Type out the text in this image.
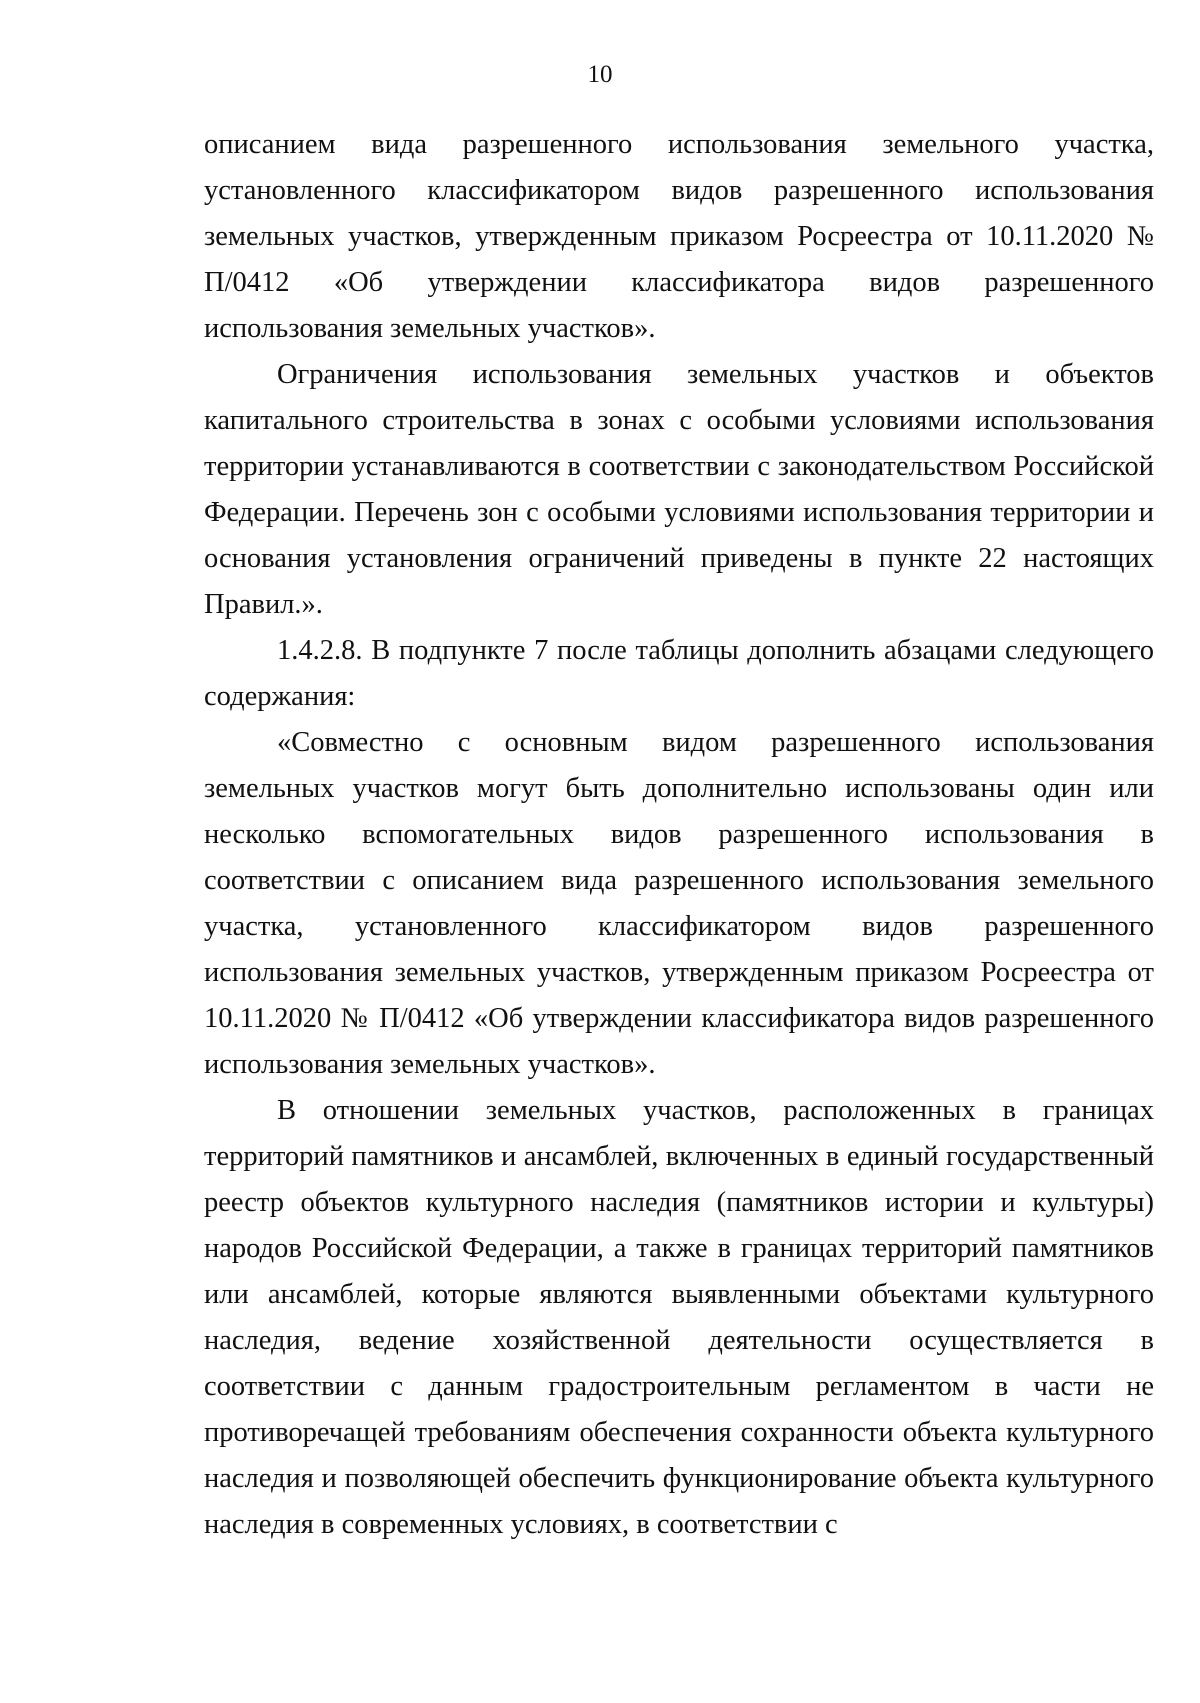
10

описанием вида разрешенного использования земельного участка, установленного классификатором видов разрешенного использования земельных участков, утвержденным приказом Росреестра от 10.11.2020 № П/0412 «Об утверждении классификатора видов разрешенного использования земельных участков».

Ограничения использования земельных участков и объектов капитального строительства в зонах с особыми условиями использования территории устанавливаются в соответствии с законодательством Российской Федерации. Перечень зон с особыми условиями использования территории и основания установления ограничений приведены в пункте 22 настоящих Правил.».

1.4.2.8. В подпункте 7 после таблицы дополнить абзацами следующего содержания:

«Совместно с основным видом разрешенного использования земельных участков могут быть дополнительно использованы один или несколько вспомогательных видов разрешенного использования в соответствии с описанием вида разрешенного использования земельного участка, установленного классификатором видов разрешенного использования земельных участков, утвержденным приказом Росреестра от 10.11.2020 № П/0412 «Об утверждении классификатора видов разрешенного использования земельных участков».

В отношении земельных участков, расположенных в границах территорий памятников и ансамблей, включенных в единый государственный реестр объектов культурного наследия (памятников истории и культуры) народов Российской Федерации, а также в границах территорий памятников или ансамблей, которые являются выявленными объектами культурного наследия, ведение хозяйственной деятельности осуществляется в соответствии с данным градостроительным регламентом в части не противоречащей требованиям обеспечения сохранности объекта культурного наследия и позволяющей обеспечить функционирование объекта культурного наследия в современных условиях, в соответствии с
